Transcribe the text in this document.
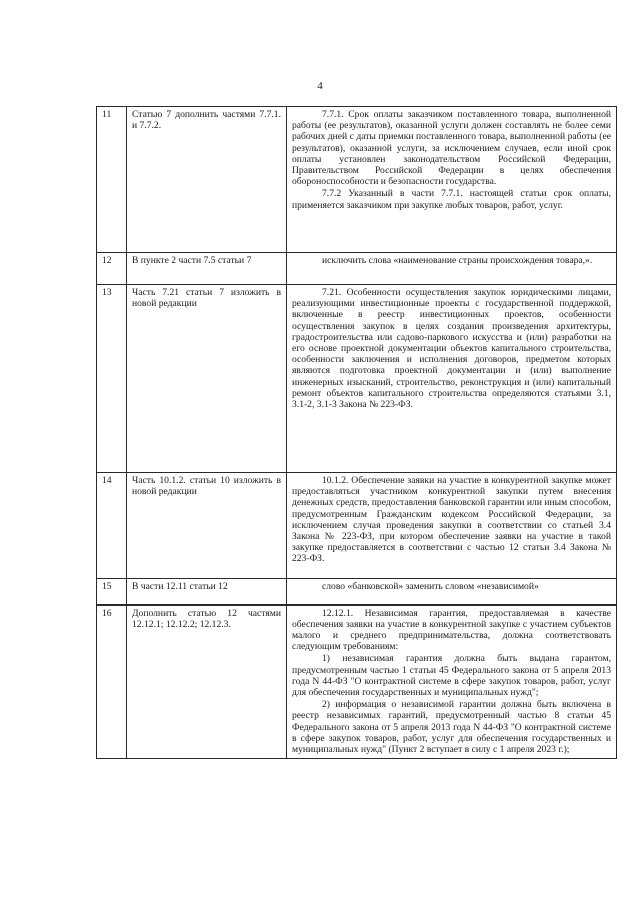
4
11	Статью 7 дополнить частями 7.7.1. и 7.7.2.	7.7.1. Срок оплаты заказчиком поставленного товара, выполненной работы (ее результатов), оказанной услуги должен составлять не более семи рабочих дней с даты приемки поставленного товара, выполненной работы (ее результатов), оказанной услуги, за исключением случаев, если иной срок оплаты установлен законодательством Российской Федерации, Правительством Российской Федерации в целях обеспечения обороноспособности и безопасности государства.
7.7.2 Указанный в части 7.7.1. настоящей статьи срок оплаты, применяется заказчиком при закупке любых товаров, работ, услуг.

12	В пункте 2 части 7.5 статьи 7	исключить слова «наименование страны происхождения товара,».

13	Часть 7.21 статьи 7 изложить в новой редакции	7.21. Особенности осуществления закупок юридическими лицами, реализующими инвестиционные проекты с государственной поддержкой, включенные в реестр инвестиционных проектов, особенности осуществления закупок в целях создания произведения архитектуры, градостроительства или садово-паркового искусства и (или) разработки на его основе проектной документации объектов капитального строительства, особенности заключения и исполнения договоров, предметом которых являются подготовка проектной документации и (или) выполнение инженерных изысканий, строительство, реконструкция и (или) капитальный ремонт объектов капитального строительства определяются статьями 3.1, 3.1-2, 3.1-3 Закона № 223-ФЗ.

14	Часть 10.1.2. статьи 10 изложить в новой редакции	10.1.2. Обеспечение заявки на участие в конкурентной закупке может предоставляться участником конкурентной закупки путем внесения денежных средств, предоставления банковской гарантии или иным способом, предусмотренным Гражданским кодексом Российской Федерации, за исключением случая проведения закупки в соответствии со статьей 3.4 Закона № 223-ФЗ, при котором обеспечение заявки на участие в такой закупке предоставляется в соответствии с частью 12 статьи 3.4 Закона № 223-ФЗ.

15	В части 12.11 статьи 12	слово «банковской» заменить словом «независимой»

16	Дополнить статью 12 частями 12.12.1; 12.12.2; 12.12.3.	12.12.1. Независимая гарантия, предоставляемая в качестве обеспечения заявки на участие в конкурентной закупке с участием субъектов малого и среднего предпринимательства, должна соответствовать следующим требованиям:
1) независимая гарантия должна быть выдана гарантом, предусмотренным частью 1 статьи 45 Федерального закона от 5 апреля 2013 года N 44-ФЗ "О контрактной системе в сфере закупок товаров, работ, услуг для обеспечения государственных и муниципальных нужд";
2) информация о независимой гарантии должна быть включена в реестр независимых гарантий, предусмотренный частью 8 статьи 45 Федерального закона от 5 апреля 2013 года N 44-ФЗ "О контрактной системе в сфере закупок товаров, работ, услуг для обеспечения государственных и муниципальных нужд" (Пункт 2 вступает в силу с 1 апреля 2023 г.);
